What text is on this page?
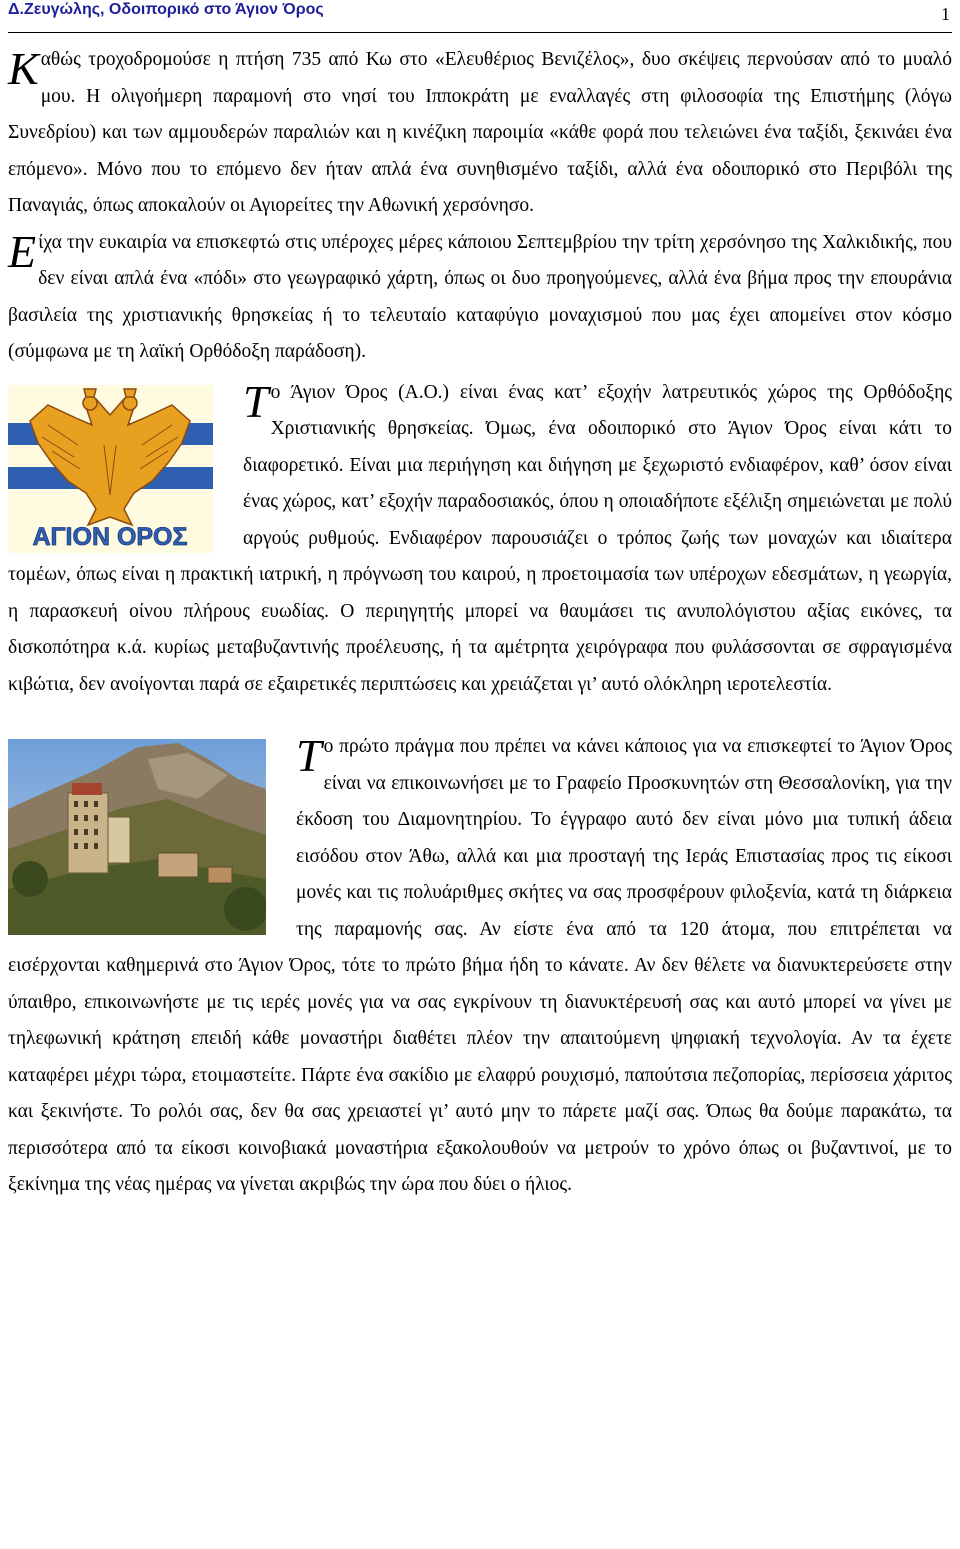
Δ.Ζευγώλης, Οδοιπορικό στο Άγιον Όρος	1

Καθώς τροχοδρομούσε η πτήση 735 από Κω στο «Ελευθέριος Βενιζέλος», δυο σκέψεις περνούσαν από το μυαλό μου. Η ολιγοήμερη παραμονή στο νησί του Ιπποκράτη με εναλλαγές στη φιλοσοφία της Επιστήμης (λόγω Συνεδρίου) και των αμμουδερών παραλιών και η κινέζικη παροιμία «κάθε φορά που τελειώνει ένα ταξίδι, ξεκινάει ένα επόμενο». Μόνο που το επόμενο δεν ήταν απλά ένα συνηθισμένο ταξίδι, αλλά ένα οδοιπορικό στο Περιβόλι της Παναγιάς, όπως αποκαλούν οι Αγιορείτες την Αθωνική χερσόνησο.

Είχα την ευκαιρία να επισκεφτώ στις υπέροχες μέρες κάποιου Σεπτεμβρίου την τρίτη χερσόνησο της Χαλκιδικής, που δεν είναι απλά ένα «πόδι» στο γεωγραφικό χάρτη, όπως οι δυο προηγούμενες, αλλά ένα βήμα προς την επουράνια βασιλεία της χριστιανικής θρησκείας ή το τελευταίο καταφύγιο μοναχισμού που μας έχει απομείνει στον κόσμο (σύμφωνα με τη λαϊκή Ορθόδοξη παράδοση).

ΑΓΙΟΝ ΟΡΟΣ

Το Άγιον Όρος (Α.Ο.) είναι ένας κατ’ εξοχήν λατρευτικός χώρος της Ορθόδοξης Χριστιανικής θρησκείας. Όμως, ένα οδοιπορικό στο Άγιον Όρος είναι κάτι το διαφορετικό. Είναι μια περιήγηση και διήγηση με ξεχωριστό ενδιαφέρον, καθ’ όσον είναι ένας χώρος, κατ’ εξοχήν παραδοσιακός, όπου η οποιαδήποτε εξέλιξη σημειώνεται με πολύ αργούς ρυθμούς. Ενδιαφέρον παρουσιάζει ο τρόπος ζωής των μοναχών και ιδιαίτερα τομέων, όπως είναι η πρακτική ιατρική, η πρόγνωση του καιρού, η προετοιμασία των υπέροχων εδεσμάτων, η γεωργία, η παρασκευή οίνου πλήρους ευωδίας. Ο περιηγητής μπορεί να θαυμάσει τις ανυπολόγιστου αξίας εικόνες, τα δισκοπότηρα κ.ά. κυρίως μεταβυζαντινής προέλευσης, ή τα αμέτρητα χειρόγραφα που φυλάσσονται σε σφραγισμένα κιβώτια, δεν ανοίγονται παρά σε εξαιρετικές περιπτώσεις και χρειάζεται γι’ αυτό ολόκληρη ιεροτελεστία.

Το πρώτο πράγμα που πρέπει να κάνει κάποιος για να επισκεφτεί το Άγιον Όρος είναι να επικοινωνήσει με το Γραφείο Προσκυνητών στη Θεσσαλονίκη, για την έκδοση του Διαμονητηρίου. Το έγγραφο αυτό δεν είναι μόνο μια τυπική άδεια εισόδου στον Άθω, αλλά και μια προσταγή της Ιεράς Επιστασίας προς τις είκοσι μονές και τις πολυάριθμες σκήτες να σας προσφέρουν φιλοξενία, κατά τη διάρκεια της παραμονής σας. Αν είστε ένα από τα 120 άτομα, που επιτρέπεται να εισέρχονται καθημερινά στο Άγιον Όρος, τότε το πρώτο βήμα ήδη το κάνατε. Αν δεν θέλετε να διανυκτερεύσετε στην ύπαιθρο, επικοινωνήστε με τις ιερές μονές για να σας εγκρίνουν τη διανυκτέρευσή σας και αυτό μπορεί να γίνει με τηλεφωνική κράτηση επειδή κάθε μοναστήρι διαθέτει πλέον την απαιτούμενη ψηφιακή τεχνολογία. Αν τα έχετε καταφέρει μέχρι τώρα, ετοιμαστείτε. Πάρτε ένα σακίδιο με ελαφρύ ρουχισμό, παπούτσια πεζοπορίας, περίσσεια χάριτος και ξεκινήστε. Το ρολόι σας, δεν θα σας χρειαστεί γι’ αυτό μην το πάρετε μαζί σας. Όπως θα δούμε παρακάτω, τα περισσότερα από τα είκοσι κοινοβιακά μοναστήρια εξακολουθούν να μετρούν το χρόνο όπως οι βυζαντινοί, με το ξεκίνημα της νέας ημέρας να γίνεται ακριβώς την ώρα που δύει ο ήλιος.
